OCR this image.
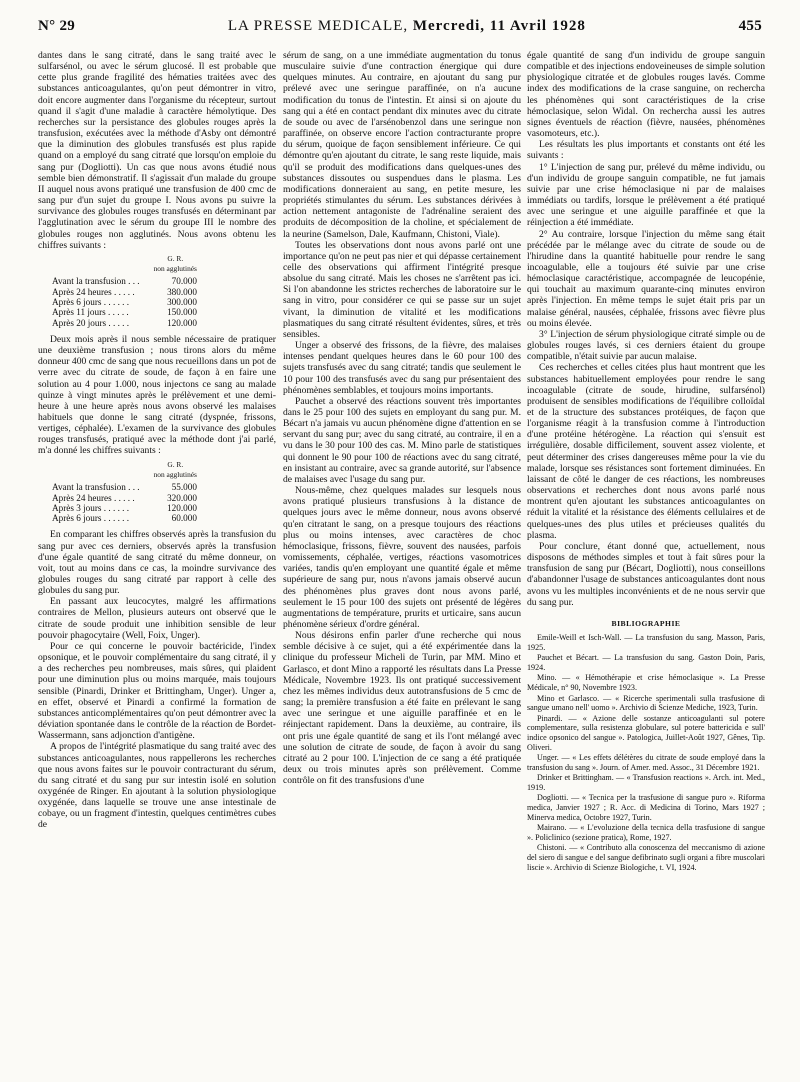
N° 29	LA PRESSE MEDICALE, Mercredi, 11 Avril 1928	455

dantes dans le sang citraté, dans le sang traité avec le sulfarsénol, ou avec le sérum glucosé. Il est probable que cette plus grande fragilité des hématies traitées avec des substances anticoagulantes, qu'on peut démontrer in vitro, doit encore augmenter dans l'organisme du récepteur, surtout quand il s'agit d'une maladie à caractère hémolytique. Des recherches sur la persistance des globules rouges après la transfusion, exécutées avec la méthode d'Asby ont démontré que la diminution des globules transfusés est plus rapide quand on a employé du sang citraté que lorsqu'on emploie du sang pur (Dogliotti). Un cas que nous avons étudié nous semble bien démonstratif. Il s'agissait d'un malade du groupe II auquel nous avons pratiqué une transfusion de 400 cmc de sang pur d'un sujet du groupe I. Nous avons pu suivre la survivance des globules rouges transfusés en déterminant par l'agglutination avec le sérum du groupe III le nombre des globules rouges non agglutinés. Nous avons obtenu les chiffres suivants :

	G. R.
non agglutinés
Avant la transfusion . . .	70.000
Après 24 heures . . . . .	380.000
Après 6 jours . . . . . .	300.000
Après 11 jours . . . . .	150.000
Après 20 jours . . . . .	120.000

Deux mois après il nous semble nécessaire de pratiquer une deuxième transfusion ; nous tirons alors du même donneur 400 cmc de sang que nous recueillons dans un pot de verre avec du citrate de soude, de façon à en faire une solution au 4 pour 1.000, nous injectons ce sang au malade quinze à vingt minutes après le prélèvement et une demi-heure à une heure après nous avons observé les malaises habituels que donne le sang citraté (dyspnée, frissons, vertiges, céphalée). L'examen de la survivance des globules rouges transfusés, pratiqué avec la méthode dont j'ai parlé, m'a donné les chiffres suivants :

	G. R.
non agglutinés
Avant la transfusion . . .	55.000
Après 24 heures . . . . .	320.000
Après 3 jours . . . . . .	120.000
Après 6 jours . . . . . .	60.000

En comparant les chiffres observés après la transfusion du sang pur avec ces derniers, observés après la transfusion d'une égale quantité de sang citraté du même donneur, on voit, tout au moins dans ce cas, la moindre survivance des globules rouges du sang citraté par rapport à celle des globules du sang pur.

En passant aux leucocytes, malgré les affirmations contraires de Mellon, plusieurs auteurs ont observé que le citrate de soude produit une inhibition sensible de leur pouvoir phagocytaire (Well, Foix, Unger).

Pour ce qui concerne le pouvoir bactéricide, l'index opsonique, et le pouvoir complémentaire du sang citraté, il y a des recherches peu nombreuses, mais sûres, qui plaident pour une diminution plus ou moins marquée, mais toujours sensible (Pinardi, Drinker et Brittingham, Unger). Unger a, en effet, observé et Pinardi a confirmé la formation de substances anticomplémentaires qu'on peut démontrer avec la déviation spontanée dans le contrôle de la réaction de Bordet-Wassermann, sans adjonction d'antigène.

A propos de l'intégrité plasmatique du sang traité avec des substances anticoagulantes, nous rappellerons les recherches que nous avons faites sur le pouvoir contracturant du sérum, du sang citraté et du sang pur sur intestin isolé en solution oxygénée de Ringer. En ajoutant à la solution physiologique oxygénée, dans laquelle se trouve une anse intestinale de cobaye, ou un fragment d'intestin, quelques centimètres cubes de

sérum de sang, on a une immédiate augmentation du tonus musculaire suivie d'une contraction énergique qui dure quelques minutes. Au contraire, en ajoutant du sang pur prélevé avec une seringue paraffinée, on n'a aucune modification du tonus de l'intestin. Et ainsi si on ajoute du sang qui a été en contact pendant dix minutes avec du citrate de soude ou avec de l'arsénobenzol dans une seringue non paraffinée, on observe encore l'action contracturante propre du sérum, quoique de façon sensiblement inférieure. Ce qui démontre qu'en ajoutant du citrate, le sang reste liquide, mais qu'il se produit des modifications dans quelques-unes des substances dissoutes ou suspendues dans le plasma. Les modifications donneraient au sang, en petite mesure, les propriétés stimulantes du sérum. Les substances dérivées à action nettement antagoniste de l'adrénaline seraient des produits de décomposition de la choline, et spécialement de la neurine (Samelson, Dale, Kaufmann, Chistoni, Viale).

Toutes les observations dont nous avons parlé ont une importance qu'on ne peut pas nier et qui dépasse certainement celle des observations qui affirment l'intégrité presque absolue du sang citraté. Mais les choses ne s'arrêtent pas ici. Si l'on abandonne les strictes recherches de laboratoire sur le sang in vitro, pour considérer ce qui se passe sur un sujet vivant, la diminution de vitalité et les modifications plasmatiques du sang citraté résultent évidentes, sûres, et très sensibles.

Unger a observé des frissons, de la fièvre, des malaises intenses pendant quelques heures dans le 60 pour 100 des sujets transfusés avec du sang citraté; tandis que seulement le 10 pour 100 des transfusés avec du sang pur présentaient des phénomènes semblables, et toujours moins importants.

Pauchet a observé des réactions souvent très importantes dans le 25 pour 100 des sujets en employant du sang pur. M. Bécart n'a jamais vu aucun phénomène digne d'attention en se servant du sang pur; avec du sang citraté, au contraire, il en a vu dans le 30 pour 100 des cas. M. Mino parle de statistiques qui donnent le 90 pour 100 de réactions avec du sang citraté, en insistant au contraire, avec sa grande autorité, sur l'absence de malaises avec l'usage du sang pur.

Nous-même, chez quelques malades sur lesquels nous avons pratiqué plusieurs transfusions à la distance de quelques jours avec le même donneur, nous avons observé qu'en citratant le sang, on a presque toujours des réactions plus ou moins intenses, avec caractères de choc hémoclasique, frissons, fièvre, souvent des nausées, parfois vomissements, céphalée, vertiges, réactions vasomotrices variées, tandis qu'en employant une quantité égale et même supérieure de sang pur, nous n'avons jamais observé aucun des phénomènes plus graves dont nous avons parlé, seulement le 15 pour 100 des sujets ont présenté de légères augmentations de température, prurits et urticaire, sans aucun phénomène sérieux d'ordre général.

Nous désirons enfin parler d'une recherche qui nous semble décisive à ce sujet, qui a été expérimentée dans la clinique du professeur Micheli de Turin, par MM. Mino et Garlasco, et dont Mino a rapporté les résultats dans La Presse Médicale, Novembre 1923. Ils ont pratiqué successivement chez les mêmes individus deux autotransfusions de 5 cmc de sang; la première transfusion a été faite en prélevant le sang avec une seringue et une aiguille paraffinée et en le réinjectant rapidement. Dans la deuxième, au contraire, ils ont pris une égale quantité de sang et ils l'ont mélangé avec une solution de citrate de soude, de façon à avoir du sang citraté au 2 pour 100. L'injection de ce sang a été pratiquée deux ou trois minutes après son prélèvement. Comme contrôle on fit des transfusions d'une

égale quantité de sang d'un individu de groupe sanguin compatible et des injections endoveineuses de simple solution physiologique citratée et de globules rouges lavés. Comme index des modifications de la crase sanguine, on recherchа les phénomènes qui sont caractéristiques de la crise hémoclasique, selon Widal. On recherchа aussi les autres signes éventuels de réaction (fièvre, nausées, phénomènes vasomoteurs, etc.).

Les résultats les plus importants et constants ont été les suivants :

1° L'injection de sang pur, prélevé du même individu, ou d'un individu de groupe sanguin compatible, ne fut jamais suivie par une crise hémoclasique ni par de malaises immédiats ou tardifs, lorsque le prélèvement a été pratiqué avec une seringue et une aiguille paraffinée et que la réinjection a été immédiate.

2° Au contraire, lorsque l'injection du même sang était précédée par le mélange avec du citrate de soude ou de l'hirudine dans la quantité habituelle pour rendre le sang incoagulable, elle a toujours été suivie par une crise hémoclasique caractéristique, accompagnée de leucopénie, qui touchait au maximum quarante-cinq minutes environ après l'injection. En même temps le sujet était pris par un malaise général, nausées, céphalée, frissons avec fièvre plus ou moins élevée.

3° L'injection de sérum physiologique citraté simple ou de globules rouges lavés, si ces derniers étaient du groupe compatible, n'était suivie par aucun malaise.

Ces recherches et celles citées plus haut montrent que les substances habituellement employées pour rendre le sang incoagulable (citrate de soude, hirudine, sulfarsénol) produisent de sensibles modifications de l'équilibre colloïdal et de la structure des substances protéiques, de façon que l'organisme réagit à la transfusion comme à l'introduction d'une protéine hétérogène. La réaction qui s'ensuit est irrégulière, dosable difficilement, souvent assez violente, et peut déterminer des crises dangereuses même pour la vie du malade, lorsque ses résistances sont fortement diminuées. En laissant de côté le danger de ces réactions, les nombreuses observations et recherches dont nous avons parlé nous montrent qu'en ajoutant les substances anticoagulantes on réduit la vitalité et la résistance des éléments cellulaires et de quelques-unes des plus utiles et précieuses qualités du plasma.

Pour conclure, étant donné que, actuellement, nous disposons de méthodes simples et tout à fait sûres pour la transfusion de sang pur (Bécart, Dogliotti), nous conseillons d'abandonner l'usage de substances anticoagulantes dont nous avons vu les multiples inconvénients et de ne nous servir que du sang pur.

BIBLIOGRAPHIE

Emile-Weill et Isch-Wall. — La transfusion du sang. Masson, Paris, 1925.

Pauchet et Bécart. — La transfusion du sang. Gaston Doin, Paris, 1924.

Mino. — « Hémothérapie et crise hémoclasique ». La Presse Médicale, n° 90, Novembre 1923.

Mino et Garlasco. — « Ricerche sperimentali sulla trasfusione di sangue umano nell' uomo ». Archivio di Scienze Mediche, 1923, Turin.

Pinardi. — « Azione delle sostanze anticoagulanti sul potere complementare, sulla resistenza globulare, sul potere battericida e sull' indice opsonico del sangue ». Patologica, Juillet-Août 1927, Gênes, Tip. Oliveri.

Unger. — « Les effets délétères du citrate de soude employé dans la transfusion du sang ». Journ. of Amer. med. Assoc., 31 Décembre 1921.

Drinker et Brittingham. — « Transfusion reactions ». Arch. int. Med., 1919.

Dogliotti. — « Tecnica per la trasfusione di sangue puro ». Riforma medica, Janvier 1927 ; R. Acc. di Medicina di Torino, Mars 1927 ; Minerva medica, Octobre 1927, Turin.

Mairano. — « L'evoluzione della tecnica della trasfusione di sangue ». Policlinico (sezione pratica), Rome, 1927.

Chistoni. — « Contributo alla conoscenza del meccanismo di azione del siero di sangue e del sangue defibrinato sugli organi a fibre muscolari liscie ». Archivio di Scienze Biologiche, t. VI, 1924.
